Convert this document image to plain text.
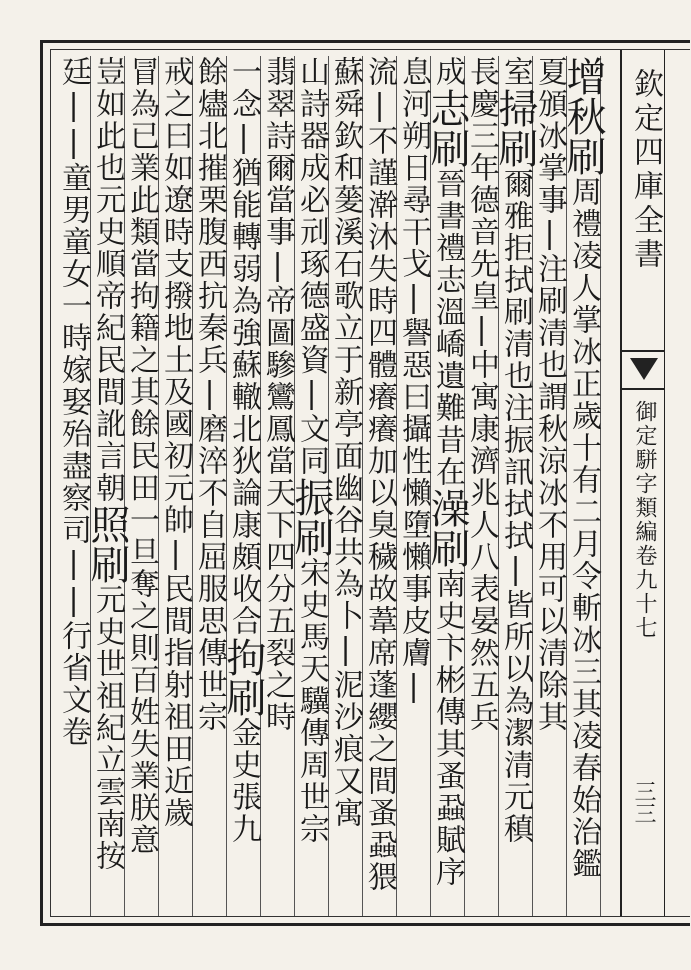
增秋刷周禮凌人掌冰正歲十有二月令斬冰三其凌春始治鑑
夏頒冰掌事|注刷清也謂秋涼冰不用可以清除其
室掃刷爾雅拒拭刷清也注振訊拭拭|皆所以為潔清元稹
長慶三年德音先皇|中寓康濟兆人八表晏然五兵
成志刷晉書禮志溫嶠遺難昔在澡刷南史卞彬傳其蚤蝨賦序
息河朔日尋干戈|譽惡曰攝性懶墮懶事皮膚|
流|不謹澣沐失時四體癢癢加以臭穢故葦席蓬纓之間蚤蝨猥
蘇舜欽和蓌溪石歌立于新亭面幽谷共為卜|泥沙痕又寓
山詩器成必刓琢德盛資|文同振刷宋史馬天驥傳周世宗
翡翠詩爾當事|帝圖驂鸞鳳當天下四分五裂之時
一念|猶能轉弱為強蘇轍北狄論康頗收合拘刷金史張九
餘燼北摧栗腹西抗秦兵|磨淬不自屈服思傳世宗
戒之曰如遼時支撥地土及國初元帥|民間指射祖田近歲
冒為已業此類當拘籍之其餘民田一旦奪之則百姓失業朕意
豈如此也元史順帝紀民間訛言朝照刷元史世祖紀立雲南按
廷||童男童女一時嫁娶殆盡察司||行省文卷	欽定四庫全書
御定駢字類編卷九十七
三三
